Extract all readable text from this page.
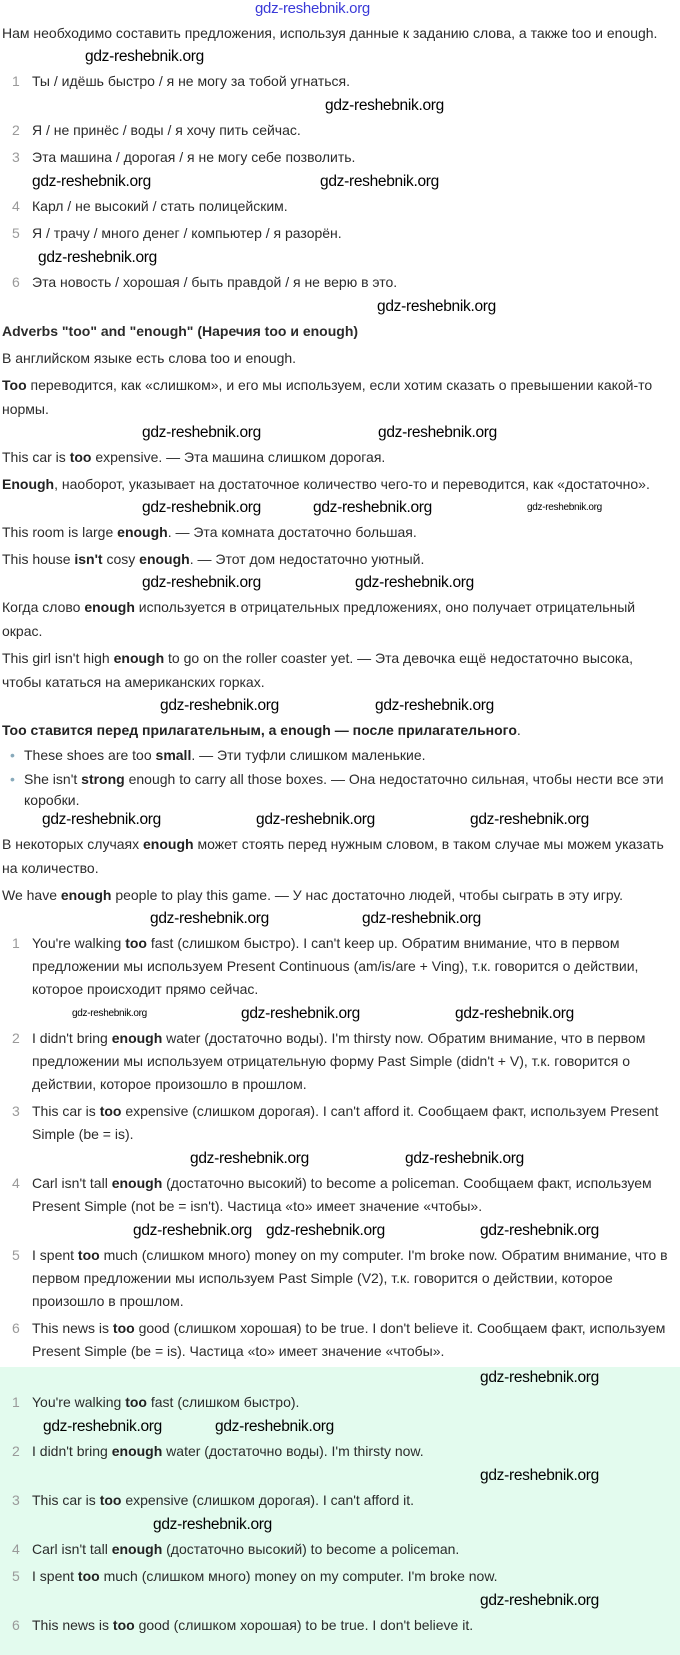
gdz-reshebnik.org
Нам необходимо составить предложения, используя данные к заданию слова, а также too и enough.
gdz-reshebnik.org
1 Ты / идёшь быстро / я не могу за тобой угнаться.
gdz-reshebnik.org
2 Я / не принёс / воды / я хочу пить сейчас.
3 Эта машина / дорогая / я не могу себе позволить.
gdz-reshebnik.org	gdz-reshebnik.org
4 Карл / не высокий / стать полицейским.
5 Я / трачу / много денег / компьютер / я разорён.
gdz-reshebnik.org
6 Эта новость / хорошая / быть правдой / я не верю в это.
gdz-reshebnik.org
Adverbs "too" and "enough" (Наречия too и enough)
В английском языке есть слова too и enough.
Too переводится, как «слишком», и его мы используем, если хотим сказать о превышении какой-то нормы.
gdz-reshebnik.org	gdz-reshebnik.org
This car is too expensive. — Эта машина слишком дорогая.
Enough, наоборот, указывает на достаточное количество чего-то и переводится, как «достаточно».
gdz-reshebnik.org	gdz-reshebnik.org	gdz-reshebnik.org
This room is large enough. — Эта комната достаточно большая.
This house isn't cosy enough. — Этот дом недостаточно уютный.
gdz-reshebnik.org	gdz-reshebnik.org
Когда слово enough используется в отрицательных предложениях, оно получает отрицательный окрас.
This girl isn't high enough to go on the roller coaster yet. — Эта девочка ещё недостаточно высока, чтобы кататься на американских горках.
gdz-reshebnik.org	gdz-reshebnik.org
Too ставится перед прилагательным, а enough — после прилагательного.
• These shoes are too small. — Эти туфли слишком маленькие.
• She isn't strong enough to carry all those boxes. — Она недостаточно сильная, чтобы нести все эти коробки.
gdz-reshebnik.org	gdz-reshebnik.org	gdz-reshebnik.org
В некоторых случаях enough может стоять перед нужным словом, в таком случае мы можем указать на количество.
We have enough people to play this game. — У нас достаточно людей, чтобы сыграть в эту игру.
gdz-reshebnik.org	gdz-reshebnik.org
1 You're walking too fast (слишком быстро). I can't keep up. Обратим внимание, что в первом предложении мы используем Present Continuous (am/is/are + Ving), т.к. говорится о действии, которое происходит прямо сейчас.
gdz-reshebnik.org	gdz-reshebnik.org	gdz-reshebnik.org
2 I didn't bring enough water (достаточно воды). I'm thirsty now. Обратим внимание, что в первом предложении мы используем отрицательную форму Past Simple (didn't + V), т.к. говорится о действии, которое произошло в прошлом.
3 This car is too expensive (слишком дорогая). I can't afford it. Сообщаем факт, используем Present Simple (be = is).
gdz-reshebnik.org	gdz-reshebnik.org
4 Carl isn't tall enough (достаточно высокий) to become a policeman. Сообщаем факт, используем Present Simple (not be = isn't). Частица «to» имеет значение «чтобы».
gdz-reshebnik.org gdz-reshebnik.org	gdz-reshebnik.org
5 I spent too much (слишком много) money on my computer. I'm broke now. Обратим внимание, что в первом предложении мы используем Past Simple (V2), т.к. говорится о действии, которое произошло в прошлом.
6 This news is too good (слишком хорошая) to be true. I don't believe it. Сообщаем факт, используем Present Simple (be = is). Частица «to» имеет значение «чтобы».
gdz-reshebnik.org
1 You're walking too fast (слишком быстро).
gdz-reshebnik.org	gdz-reshebnik.org
2 I didn't bring enough water (достаточно воды). I'm thirsty now.
gdz-reshebnik.org
3 This car is too expensive (слишком дорогая). I can't afford it.
gdz-reshebnik.org
4 Carl isn't tall enough (достаточно высокий) to become a policeman.
5 I spent too much (слишком много) money on my computer. I'm broke now.
gdz-reshebnik.org
6 This news is too good (слишком хорошая) to be true. I don't believe it.
